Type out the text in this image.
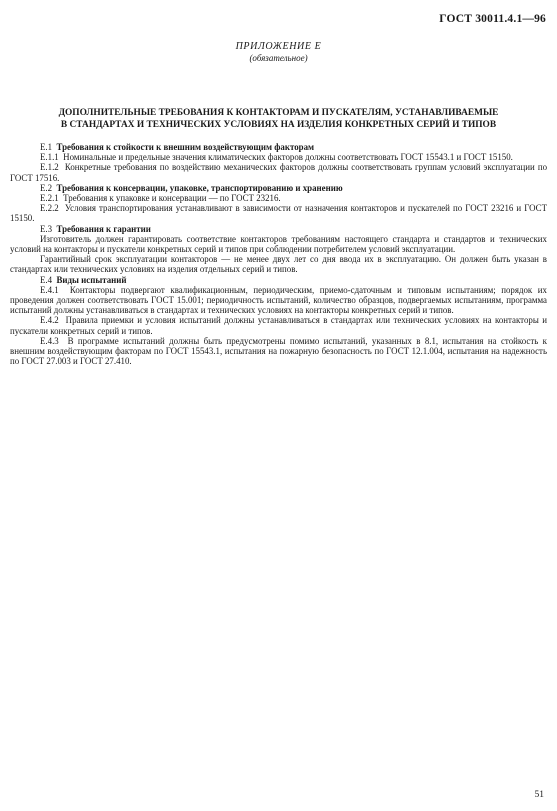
ГОСТ 30011.4.1—96
ПРИЛОЖЕНИЕ Е
(обязательное)
ДОПОЛНИТЕЛЬНЫЕ ТРЕБОВАНИЯ К КОНТАКТОРАМ И ПУСКАТЕЛЯМ, УСТАНАВЛИВАЕМЫЕ
В СТАНДАРТАХ И ТЕХНИЧЕСКИХ УСЛОВИЯХ НА ИЗДЕЛИЯ КОНКРЕТНЫХ СЕРИЙ И ТИПОВ

Е.1 Требования к стойкости к внешним воздействующим факторам

Е.1.1 Номинальные и предельные значения климатических факторов должны соответствовать ГОСТ 15543.1 и ГОСТ 15150.

Е.1.2 Конкретные требования по воздействию механических факторов должны соответствовать группам условий эксплуатации по ГОСТ 17516.

Е.2 Требования к консервации, упаковке, транспортированию и хранению

Е.2.1 Требования к упаковке и консервации — по ГОСТ 23216.

Е.2.2 Условия транспортирования устанавливают в зависимости от назначения контакторов и пускателей по ГОСТ 23216 и ГОСТ 15150.

Е.3 Требования к гарантии

Изготовитель должен гарантировать соответствие контакторов требованиям настоящего стандарта и стандартов и технических условий на контакторы и пускатели конкретных серий и типов при соблюдении потребителем условий эксплуатации.

Гарантийный срок эксплуатации контакторов — не менее двух лет со дня ввода их в эксплуатацию. Он должен быть указан в стандартах или технических условиях на изделия отдельных серий и типов.

Е.4 Виды испытаний

Е.4.1 Контакторы подвергают квалификационным, периодическим, приемо-сдаточным и типовым испытаниям; порядок их проведения должен соответствовать ГОСТ 15.001; периодичность испытаний, количество образцов, подвергаемых испытаниям, программа испытаний должны устанавливаться в стандартах и технических условиях на контакторы конкретных серий и типов.

Е.4.2 Правила приемки и условия испытаний должны устанавливаться в стандартах или технических условиях на контакторы и пускатели конкретных серий и типов.

Е.4.3 В программе испытаний должны быть предусмотрены помимо испытаний, указанных в 8.1, испытания на стойкость к внешним воздействующим факторам по ГОСТ 15543.1, испытания на пожарную безопасность по ГОСТ 12.1.004, испытания на надежность по ГОСТ 27.003 и ГОСТ 27.410.

51
